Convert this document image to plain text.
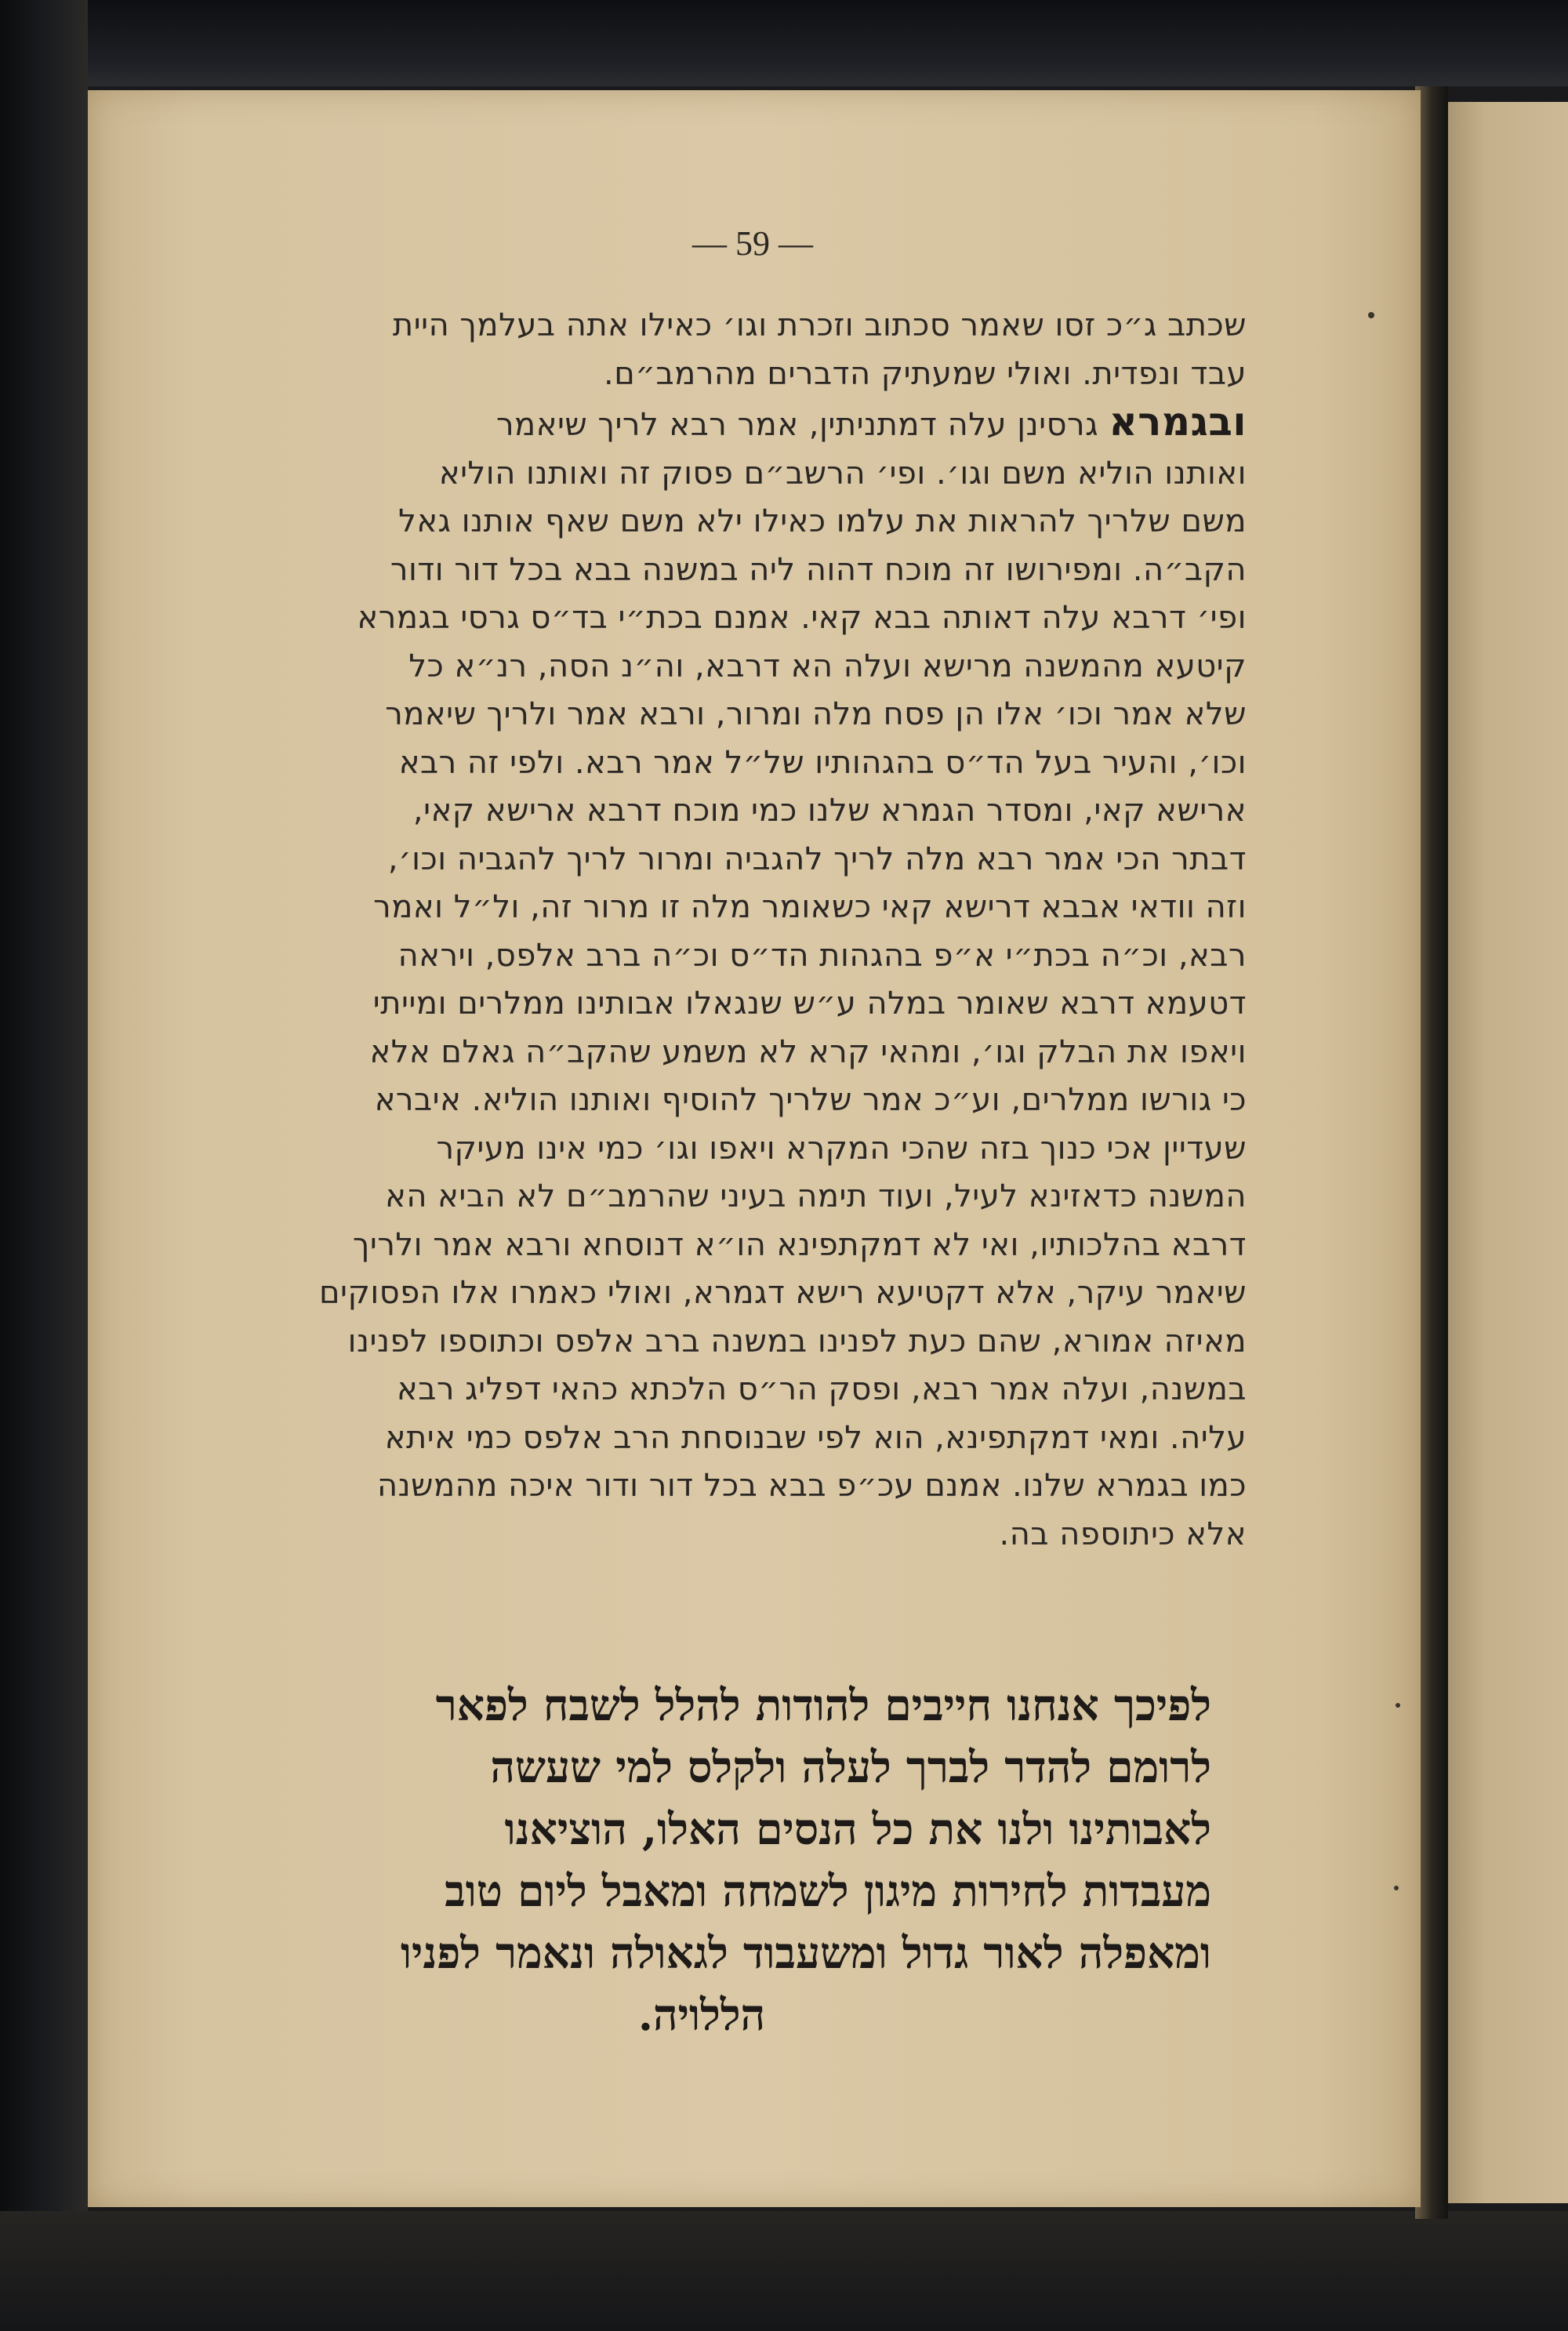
— 59 —
שכתב ג״כ זסו שאמר סכתוב וזכרת וגו׳ כאילו אתה בעלמך היית
עבד ונפדית. ואולי שמעתיק הדברים מהרמב״ם.
ובגמרא גרסינן עלה דמתניתין, אמר רבא לריך שיאמר
ואותנו הוליא משם וגו׳. ופי׳ הרשב״ם פסוק זה ואותנו הוליא
משם שלריך להראות את עלמו כאילו ילא משם שאף אותנו גאל
הקב״ה. ומפירושו זה מוכח דהוה ליה במשנה בבא בכל דור ודור
ופי׳ דרבא עלה דאותה בבא קאי. אמנם בכת״י בד״ס גרסי בגמרא
קיטעא מהמשנה מרישא ועלה הא דרבא, וה״נ הסה, רנ״א כל
שלא אמר וכו׳ אלו הן פסח מלה ומרור, ורבא אמר ולריך שיאמר
וכו׳, והעיר בעל הד״ס בהגהותיו של״ל אמר רבא. ולפי זה רבא
ארישא קאי, ומסדר הגמרא שלנו כמי מוכח דרבא ארישא קאי,
דבתר הכי אמר רבא מלה לריך להגביה ומרור לריך להגביה וכו׳,
וזה וודאי אבבא דרישא קאי כשאומר מלה זו מרור זה, ול״ל ואמר
רבא, וכ״ה בכת״י א״פ בהגהות הד״ס וכ״ה ברב אלפס, ויראה
דטעמא דרבא שאומר במלה ע״ש שנגאלו אבותינו ממלרים ומייתי
ויאפו את הבלק וגו׳, ומהאי קרא לא משמע שהקב״ה גאלם אלא
כי גורשו ממלרים, וע״כ אמר שלריך להוסיף ואותנו הוליא. איברא
שעדיין אכי כנוך בזה שהכי המקרא ויאפו וגו׳ כמי אינו מעיקר
המשנה כדאזינא לעיל, ועוד תימה בעיני שהרמב״ם לא הביא הא
דרבא בהלכותיו, ואי לא דמקתפינא הו״א דנוסחא ורבא אמר ולריך
שיאמר עיקר, אלא דקטיעא רישא דגמרא, ואולי כאמרו אלו הפסוקים
מאיזה אמורא, שהם כעת לפנינו במשנה ברב אלפס וכתוספו לפנינו
במשנה, ועלה אמר רבא, ופסק הר״ס הלכתא כהאי דפליג רבא
עליה. ומאי דמקתפינא, הוא לפי שבנוסחת הרב אלפס כמי איתא
כמו בגמרא שלנו. אמנם עכ״פ בבא בכל דור ודור איכה מהמשנה
אלא כיתוספה בה.
לפיכך אנחנו חייבים להודות להלל לשבח לפאר
לרומם להדר לברך לעלה ולקלס למי שעשה
לאבותינו ולנו את כל הנסים האלו, הוציאנו
מעבדות לחירות מיגון לשמחה ומאבל ליום טוב
ומאפלה לאור גדול ומשעבוד לגאולה ונאמר לפניו
הללויה.
